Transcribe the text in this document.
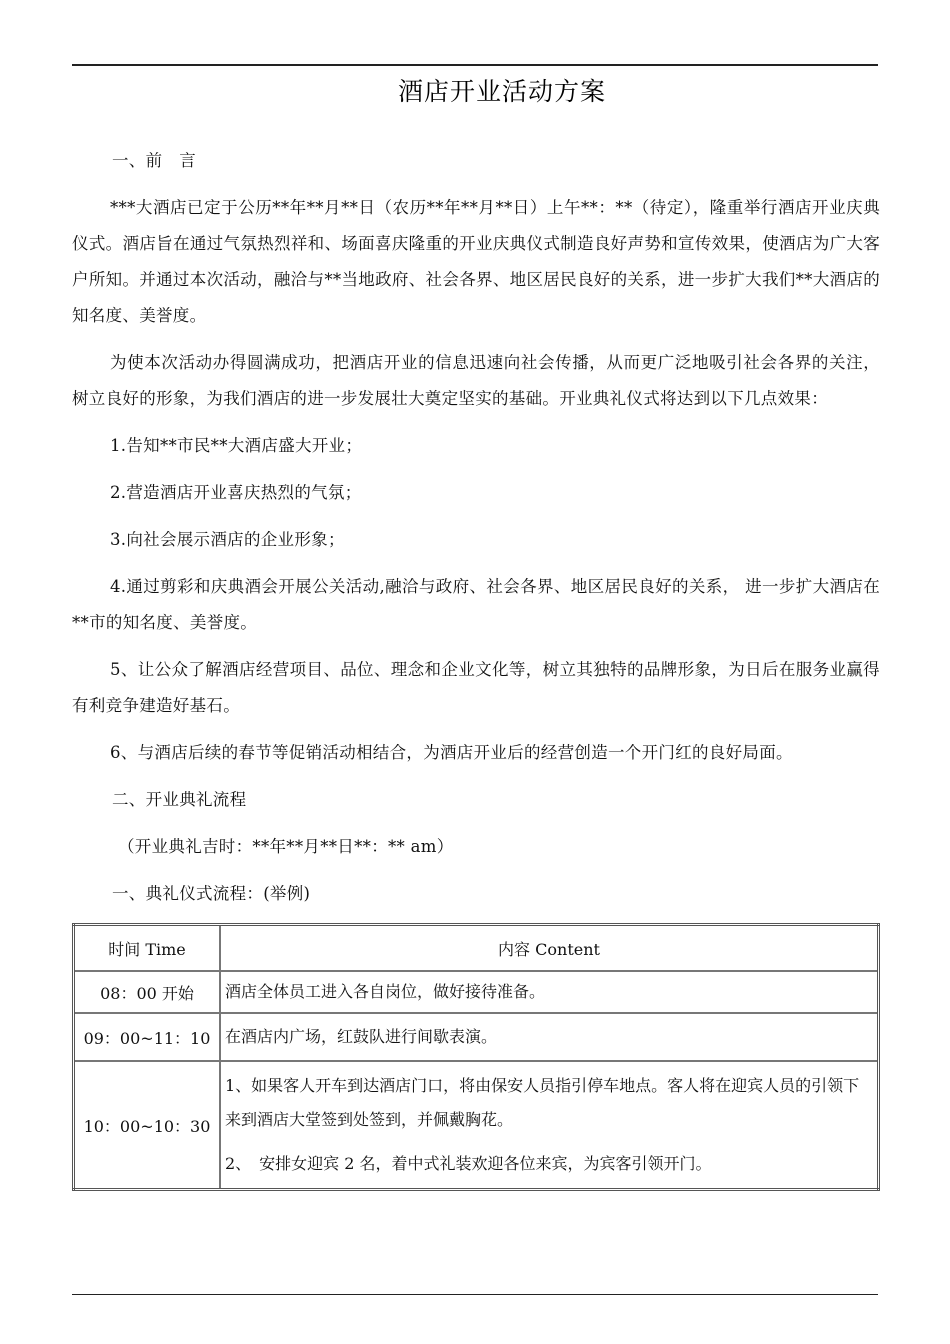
酒店开业活动方案

一、前　言

***大酒店已定于公历**年**月**日（农历**年**月**日）上午**：**（待定），隆重举行酒店开业庆典仪式。酒店旨在通过气氛热烈祥和、场面喜庆隆重的开业庆典仪式制造良好声势和宣传效果，使酒店为广大客户所知。并通过本次活动，融洽与**当地政府、社会各界、地区居民良好的关系，进一步扩大我们**大酒店的知名度、美誉度。

为使本次活动办得圆满成功，把酒店开业的信息迅速向社会传播，从而更广泛地吸引社会各界的关注，树立良好的形象，为我们酒店的进一步发展壮大奠定坚实的基础。开业典礼仪式将达到以下几点效果：

1.告知**市民**大酒店盛大开业；

2.营造酒店开业喜庆热烈的气氛；

3.向社会展示酒店的企业形象；

4.通过剪彩和庆典酒会开展公关活动,融洽与政府、社会各界、地区居民良好的关系， 进一步扩大酒店在**市的知名度、美誉度。

5、让公众了解酒店经营项目、品位、理念和企业文化等，树立其独特的品牌形象，为日后在服务业赢得有利竞争建造好基石。

6、与酒店后续的春节等促销活动相结合，为酒店开业后的经营创造一个开门红的良好局面。

二、开业典礼流程

（开业典礼吉时：**年**月**日**：** am）

一、典礼仪式流程：(举例)

时间 Time	内容 Content
08：00 开始	酒店全体员工进入各自岗位，做好接待准备。

09：00~11：10	在酒店内广场，红鼓队进行间歇表演。

10：00~10：30	1、如果客人开车到达酒店门口，将由保安人员指引停车地点。客人将在迎宾人员的引领下来到酒店大堂签到处签到，并佩戴胸花。

2、　安排女迎宾 2 名，着中式礼装欢迎各位来宾，为宾客引领开门。
